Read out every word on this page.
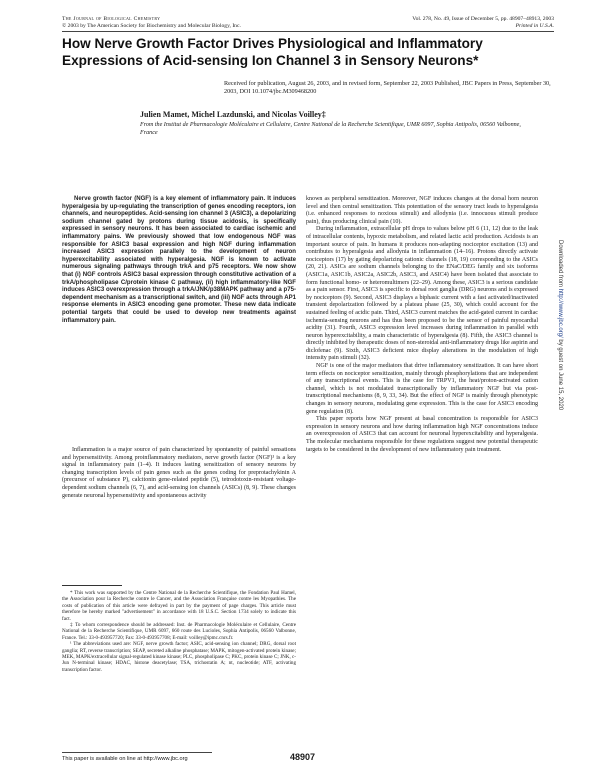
The Journal of Biological Chemistry
© 2003 by The American Society for Biochemistry and Molecular Biology, Inc.
Vol. 278, No. 49, Issue of December 5, pp. 48907–48913, 2003
Printed in U.S.A.
How Nerve Growth Factor Drives Physiological and Inflammatory Expressions of Acid-sensing Ion Channel 3 in Sensory Neurons*
Received for publication, August 26, 2003, and in revised form, September 22, 2003 Published, JBC Papers in Press, September 30, 2003, DOI 10.1074/jbc.M309468200
Julien Mamet, Michel Lazdunski, and Nicolas Voilley‡
From the Institut de Pharmacologie Moléculaire et Cellulaire, Centre National de la Recherche Scientifique, UMR 6097, Sophia Antipolis, 06560 Valbonne, France

Nerve growth factor (NGF) is a key element of inflammatory pain. It induces hyperalgesia by up-regulating the transcription of genes encoding receptors, ion channels, and neuropeptides. Acid-sensing ion channel 3 (ASIC3), a depolarizing sodium channel gated by protons during tissue acidosis, is specifically expressed in sensory neurons. It has been associated to cardiac ischemic and inflammatory pains. We previously showed that low endogenous NGF was responsible for ASIC3 basal expression and high NGF during inflammation increased ASIC3 expression parallely to the development of neuron hyperexcitability associated with hyperalgesia. NGF is known to activate numerous signaling pathways through trkA and p75 receptors. We now show that (i) NGF controls ASIC3 basal expression through constitutive activation of a trkA/phospholipase C/protein kinase C pathway, (ii) high inflammatory-like NGF induces ASIC3 overexpression through a trkA/JNK/p38MAPK pathway and a p75-dependent mechanism as a transcriptional switch, and (iii) NGF acts through AP1 response elements in ASIC3 encoding gene promoter. These new data indicate potential targets that could be used to develop new treatments against inflammatory pain.

Inflammation is a major source of pain characterized by spontaneity of painful sensations and hypersensitivity. Among proinflammatory mediators, nerve growth factor (NGF)¹ is a key signal in inflammatory pain (1–4). It induces lasting sensitization of sensory neurons by changing transcription levels of pain genes such as the genes coding for preprotachykinin A (precursor of substance P), calcitonin gene-related peptide (5), tetrodotoxin-resistant voltage-dependent sodium channels (6, 7), and acid-sensing ion channels (ASICs) (8, 9). These changes generate neuronal hypersensitivity and spontaneous activity

* This work was supported by the Centre National de la Recherche Scientifique, the Fondation Paul Hamel, the Association pour la Recherche contre le Cancer, and the Association Française contre les Myopathies. The costs of publication of this article were defrayed in part by the payment of page charges. This article must therefore be hereby marked "advertisement" in accordance with 18 U.S.C. Section 1734 solely to indicate this fact.

‡ To whom correspondence should be addressed: Inst. de Pharmacologie Moléculaire et Cellulaire, Centre National de la Recherche Scientifique, UMR 6097, 660 route des Lucioles, Sophia Antipolis, 06560 Valbonne, France. Tel.: 33-0-493957720; Fax: 33-0-493957708; E-mail: voilley@ipmc.cnrs.fr.

¹ The abbreviations used are: NGF, nerve growth factor; ASIC, acid-sensing ion channel; DRG, dorsal root ganglia; RT, reverse transcription; SEAP, secreted alkaline phosphatase; MAPK, mitogen-activated protein kinase; MEK, MAPK/extracellular signal-regulated kinase kinase; PLC, phospholipase C; PKC, protein kinase C; JNK, c-Jun N-terminal kinase; HDAC, histone deacetylase; TSA, trichostatin A; nt, nucleotide; ATF, activating transcription factor.

known as peripheral sensitization. Moreover, NGF induces changes at the dorsal horn neuron level and then central sensitization. This potentiation of the sensory tract leads to hyperalgesia (i.e. enhanced responses to noxious stimuli) and allodynia (i.e. innocuous stimuli produce pain), thus producing clinical pain (10).

During inflammation, extracellular pH drops to values below pH 6 (11, 12) due to the leak of intracellular contents, hypoxic metabolism, and related lactic acid production. Acidosis is an important source of pain. In humans it produces non-adapting nociceptor excitation (13) and contributes to hyperalgesia and allodynia in inflammation (14–16). Protons directly activate nociceptors (17) by gating depolarizing cationic channels (18, 19) corresponding to the ASICs (20, 21). ASICs are sodium channels belonging to the ENaC/DEG family and six isoforms (ASIC1a, ASIC1b, ASIC2a, ASIC2b, ASIC3, and ASIC4) have been isolated that associate to form functional homo- or heteromultimers (22–29). Among these, ASIC3 is a serious candidate as a pain sensor. First, ASIC3 is specific to dorsal root ganglia (DRG) neurons and is expressed by nociceptors (9). Second, ASIC3 displays a biphasic current with a fast activated/inactivated transient depolarization followed by a plateau phase (25, 30), which could account for the sustained feeling of acidic pain. Third, ASIC3 current matches the acid-gated current in cardiac ischemia-sensing neurons and has thus been proposed to be the sensor of painful myocardial acidity (31). Fourth, ASIC3 expression level increases during inflammation in parallel with neuron hyperexcitability, a main characteristic of hyperalgesia (8). Fifth, the ASIC3 channel is directly inhibited by therapeutic doses of non-steroidal anti-inflammatory drugs like aspirin and diclofenac (9). Sixth, ASIC3 deficient mice display alterations in the modulation of high intensity pain stimuli (32).

NGF is one of the major mediators that drive inflammatory sensitization. It can have short term effects on nociceptor sensitization, mainly through phosphorylations that are independent of any transcriptional events. This is the case for TRPV1, the heat/proton-activated cation channel, which is not modulated transcriptionally by inflammatory NGF but via post-transcriptional mechanisms (8, 9, 33, 34). But the effect of NGF is mainly through phenotypic changes in sensory neurons, modulating gene expression. This is the case for ASIC3 encoding gene regulation (8).

This paper reports how NGF present at basal concentration is responsible for ASIC3 expression in sensory neurons and how during inflammation high NGF concentrations induce an overexpression of ASIC3 that can account for neuronal hyperexcitability and hyperalgesia. The molecular mechanisms responsible for these regulations suggest new potential therapeutic targets to be considered in the development of new inflammatory pain treatment.

Downloaded from http://www.jbc.org/ by guest on June 15, 2020
This paper is available on line at http://www.jbc.org	48907
